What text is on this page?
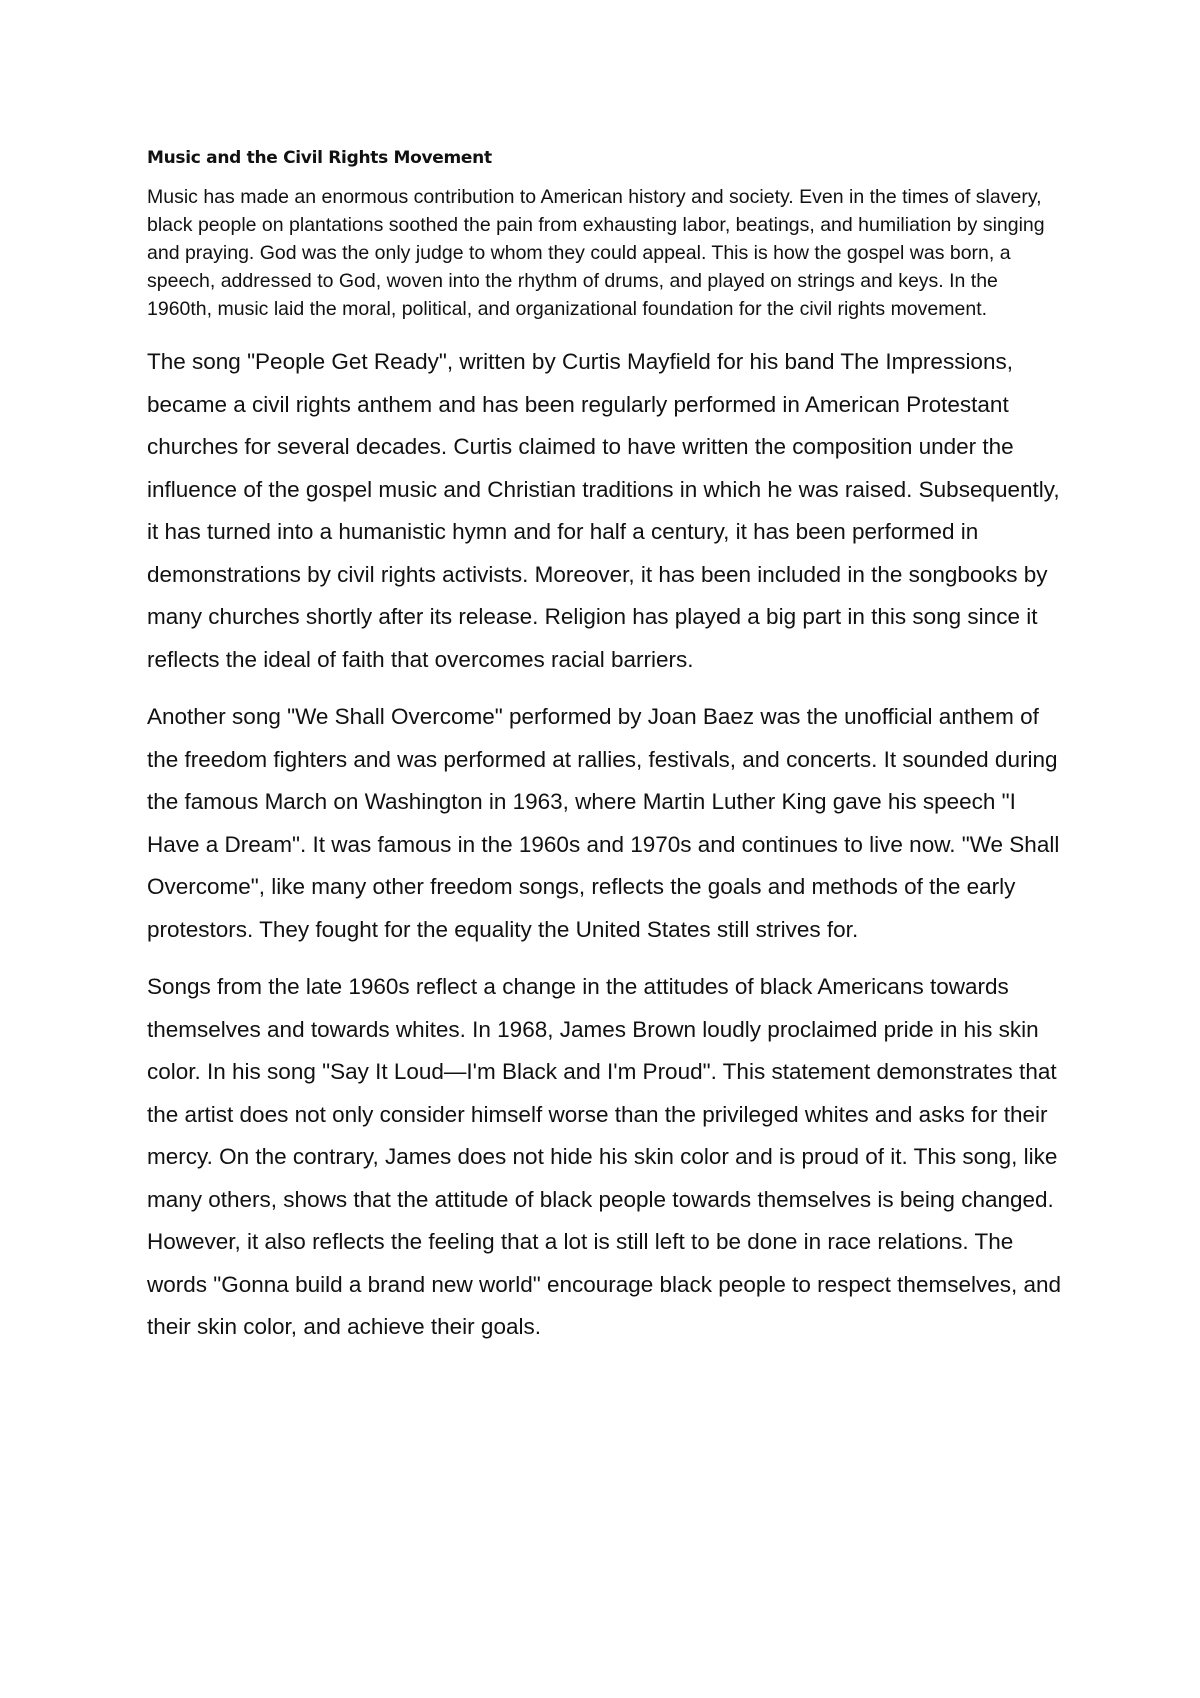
Music and the Civil Rights Movement

Music has made an enormous contribution to American history and society. Even in the times of slavery, black people on plantations soothed the pain from exhausting labor, beatings, and humiliation by singing and praying. God was the only judge to whom they could appeal. This is how the gospel was born, a speech, addressed to God, woven into the rhythm of drums, and played on strings and keys. In the 1960th, music laid the moral, political, and organizational foundation for the civil rights movement.

The song "People Get Ready", written by Curtis Mayfield for his band The Impressions, became a civil rights anthem and has been regularly performed in American Protestant churches for several decades. Curtis claimed to have written the composition under the influence of the gospel music and Christian traditions in which he was raised. Subsequently, it has turned into a humanistic hymn and for half a century, it has been performed in demonstrations by civil rights activists. Moreover, it has been included in the songbooks by many churches shortly after its release. Religion has played a big part in this song since it reflects the ideal of faith that overcomes racial barriers.

Another song "We Shall Overcome" performed by Joan Baez was the unofficial anthem of the freedom fighters and was performed at rallies, festivals, and concerts. It sounded during the famous March on Washington in 1963, where Martin Luther King gave his speech "I Have a Dream". It was famous in the 1960s and 1970s and continues to live now. "We Shall Overcome", like many other freedom songs, reflects the goals and methods of the early protestors. They fought for the equality the United States still strives for.

Songs from the late 1960s reflect a change in the attitudes of black Americans towards themselves and towards whites. In 1968, James Brown loudly proclaimed pride in his skin color. In his song "Say It Loud—I'm Black and I'm Proud". This statement demonstrates that the artist does not only consider himself worse than the privileged whites and asks for their mercy. On the contrary, James does not hide his skin color and is proud of it. This song, like many others, shows that the attitude of black people towards themselves is being changed. However, it also reflects the feeling that a lot is still left to be done in race relations. The words "Gonna build a brand new world" encourage black people to respect themselves, and their skin color, and achieve their goals.
